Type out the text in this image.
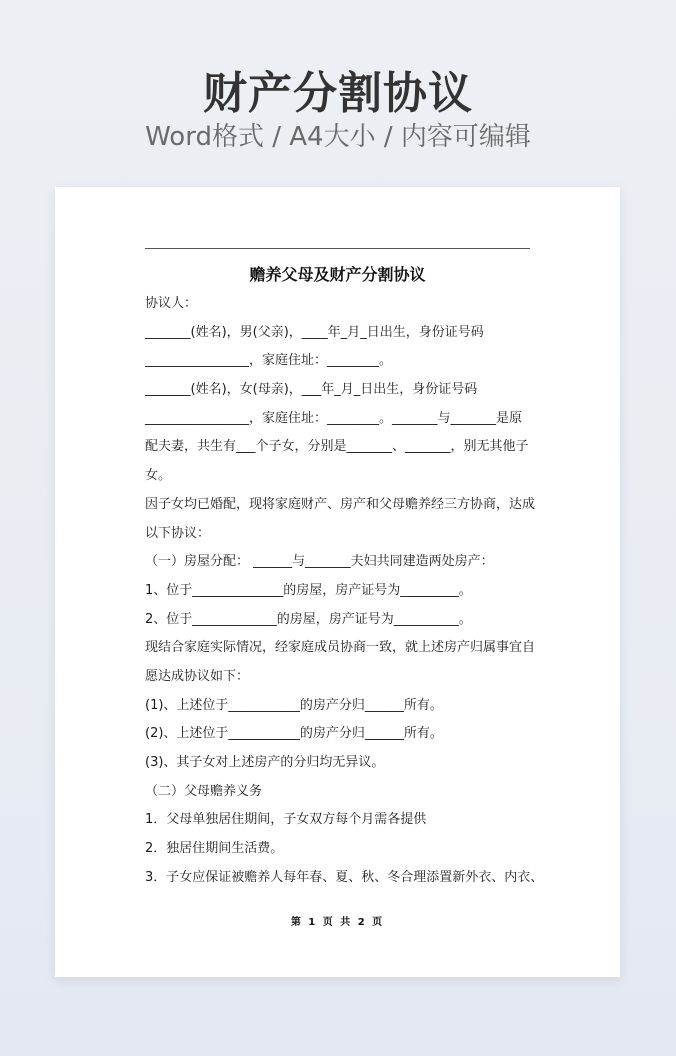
财产分割协议
Word格式 / A4大小 / 内容可编辑
赡养父母及财产分割协议
协议人：
_______(姓名)，男(父亲)，____年_月_日出生，身份证号码
________________，家庭住址：________。
_______(姓名)，女(母亲)，___年_月_日出生，身份证号码
________________，家庭住址：________。_______与_______是原
配夫妻，共生有___个子女，分别是_______、_______，别无其他子
女。
因子女均已婚配，现将家庭财产、房产和父母赡养经三方协商，达成
以下协议：
（一）房屋分配： ______与_______夫妇共同建造两处房产：
1、位于______________的房屋，房产证号为_________。
2、位于_____________的房屋，房产证号为__________。
现结合家庭实际情况，经家庭成员协商一致，就上述房产归属事宜自
愿达成协议如下：
(1)、上述位于___________的房产分归______所有。
(2)、上述位于___________的房产分归______所有。
(3)、其子女对上述房产的分归均无异议。
（二）父母赡养义务
1．父母单独居住期间，子女双方每个月需各提供
2．独居住期间生活费。
3．子女应保证被赡养人每年春、夏、秋、冬合理添置新外衣、内衣、
第 1 页 共 2 页
